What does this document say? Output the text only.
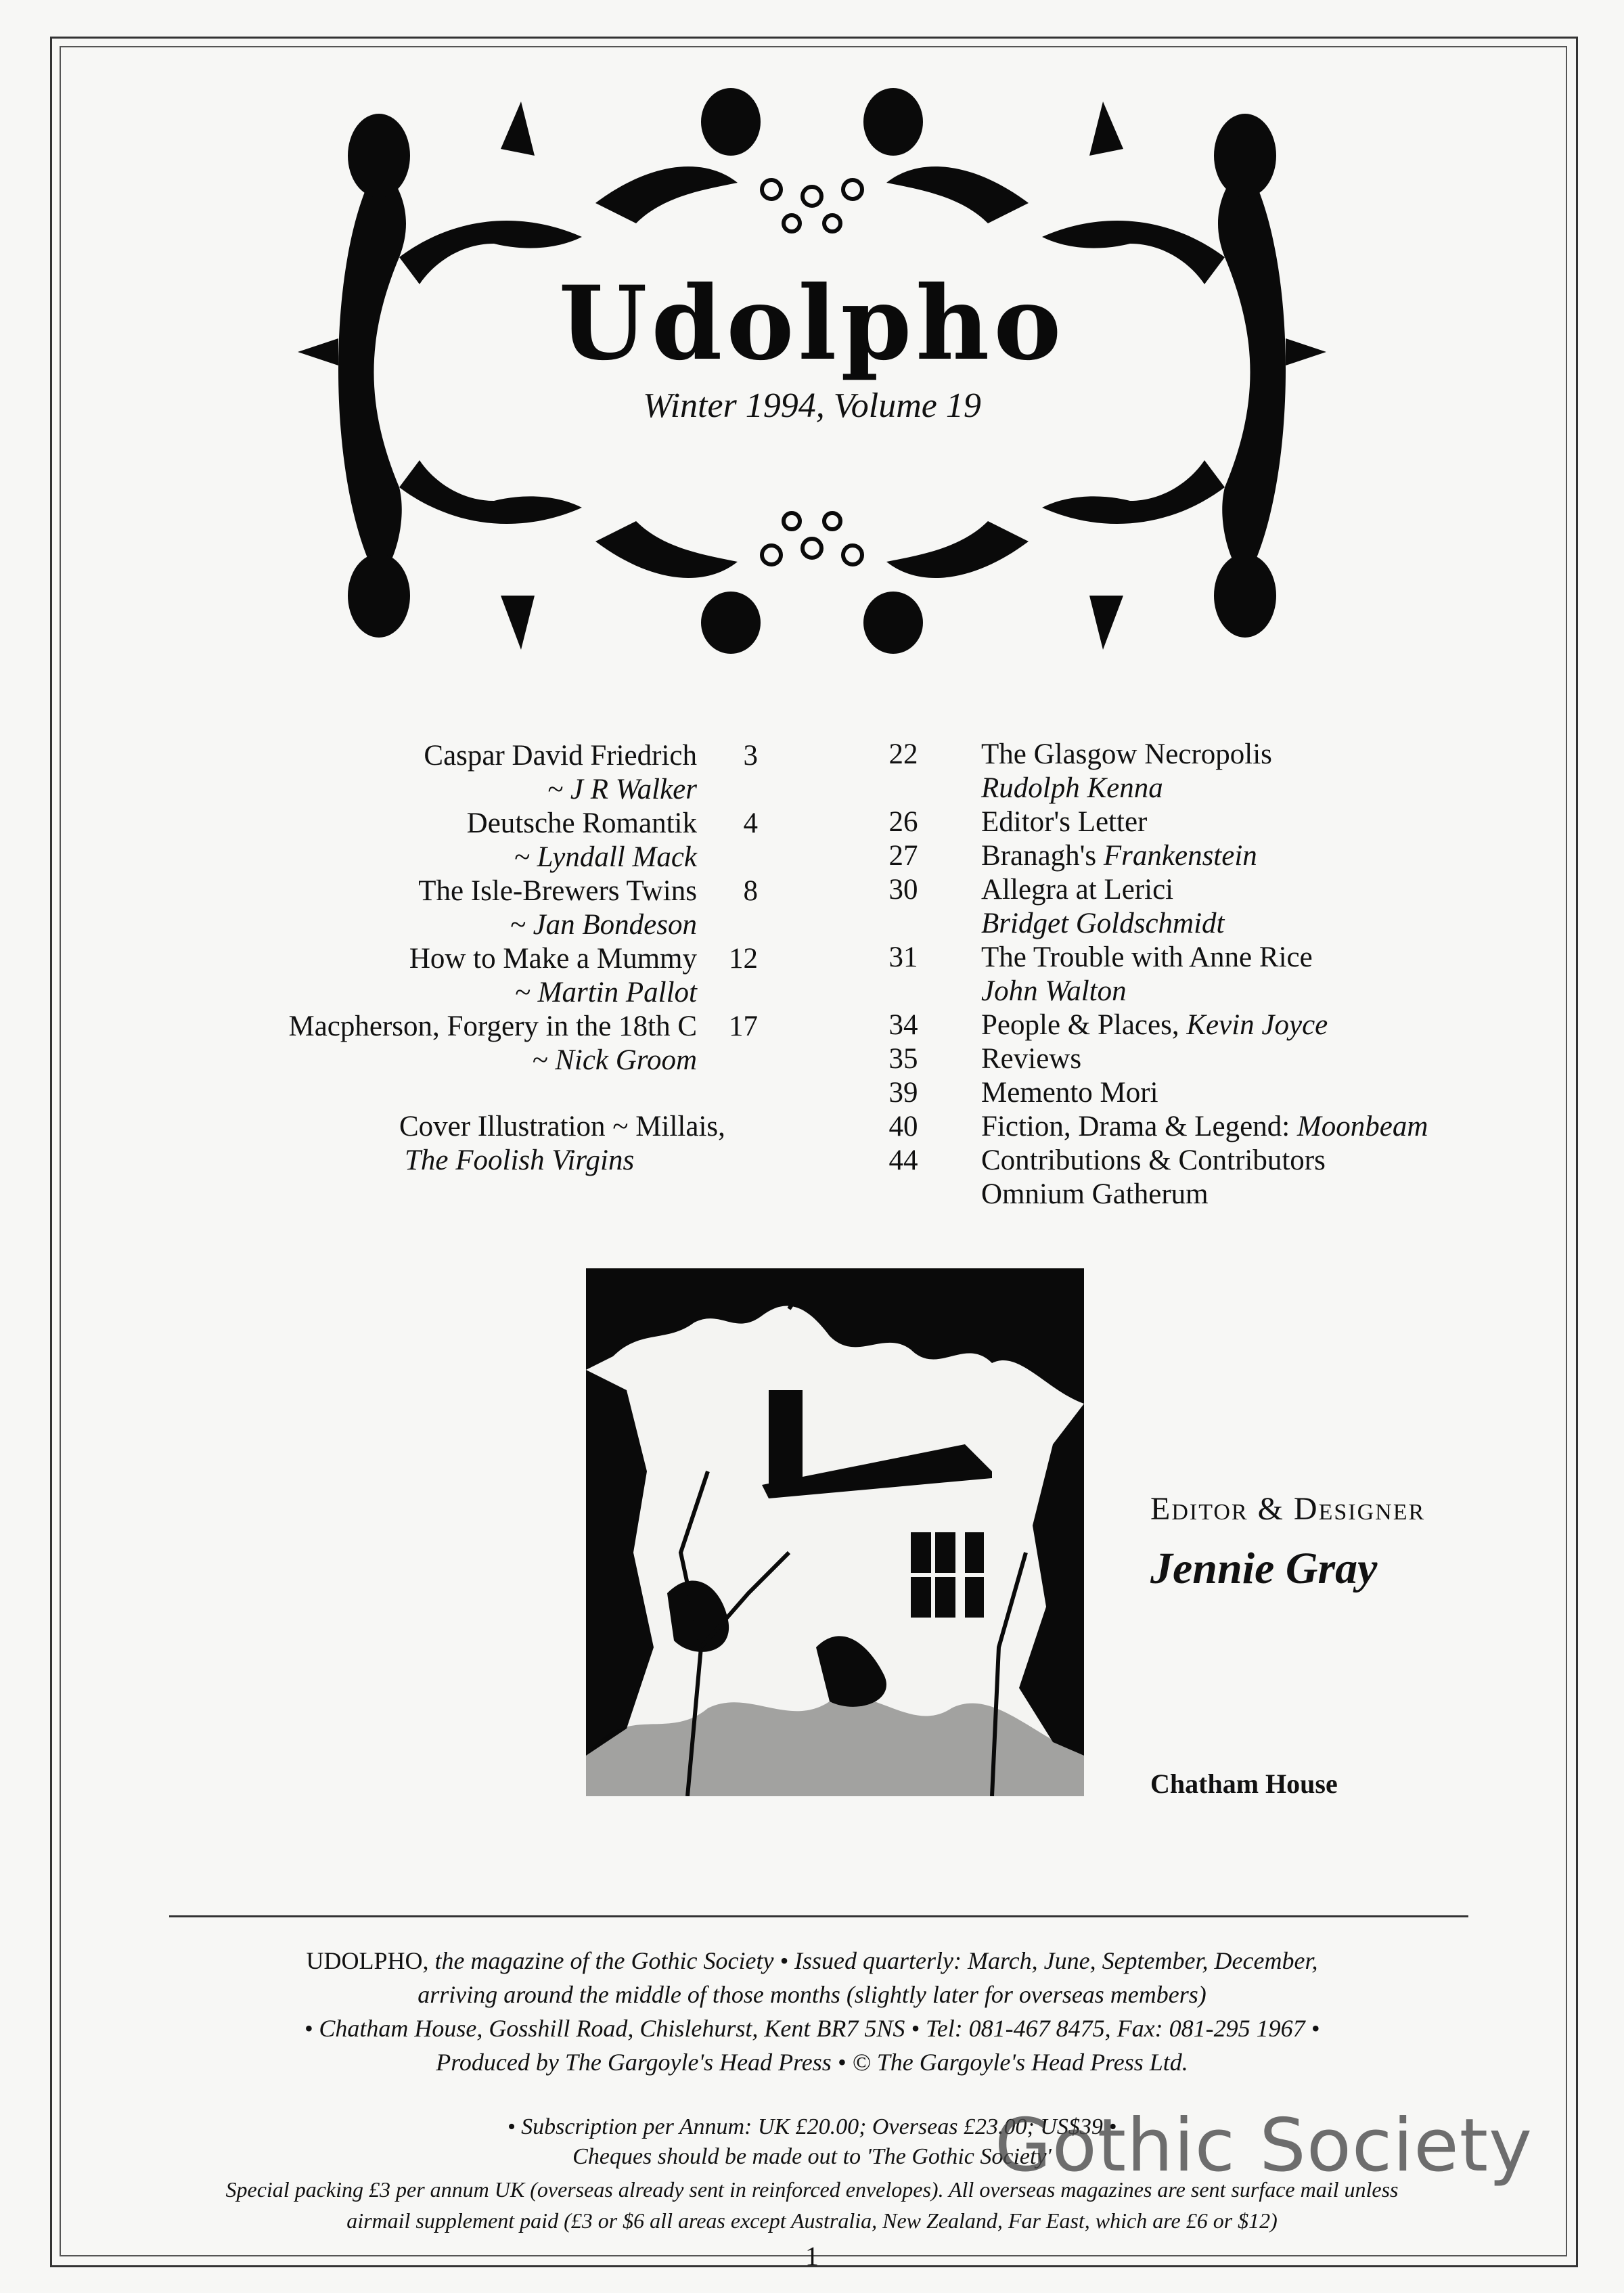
Udolpho
Winter 1994, Volume 19
Caspar David Friedrich 3
~ J R Walker
Deutsche Romantik 4
~ Lyndall Mack
The Isle-Brewers Twins 8
~ Jan Bondeson
How to Make a Mummy 12
~ Martin Pallot
Macpherson, Forgery in the 18th C 17
~ Nick Groom
Cover Illustration ~ Millais,
The Foolish Virgins
22	The Glasgow Necropolis
Rudolph Kenna
26	Editor's Letter
27	Branagh's Frankenstein
30	Allegra at Lerici
Bridget Goldschmidt
31	The Trouble with Anne Rice
John Walton
34	People & Places, Kevin Joyce
35	Reviews
39	Memento Mori
40	Fiction, Drama & Legend: Moonbeam
44	Contributions & Contributors
Omnium Gatherum
Editor & Designer
Jennie Gray
Chatham House
UDOLPHO, the magazine of the Gothic Society • Issued quarterly: March, June, September, December,
arriving around the middle of those months (slightly later for overseas members)
• Chatham House, Gosshill Road, Chislehurst, Kent BR7 5NS • Tel: 081-467 8475, Fax: 081-295 1967 •
Produced by The Gargoyle's Head Press • © The Gargoyle's Head Press Ltd.
• Subscription per Annum: UK £20.00; Overseas £23.00; US$39 •
Cheques should be made out to 'The Gothic Society'
Special packing £3 per annum UK (overseas already sent in reinforced envelopes). All overseas magazines are sent surface mail unless
airmail supplement paid (£3 or $6 all areas except Australia, New Zealand, Far East, which are £6 or $12)
Gothic Society
1
